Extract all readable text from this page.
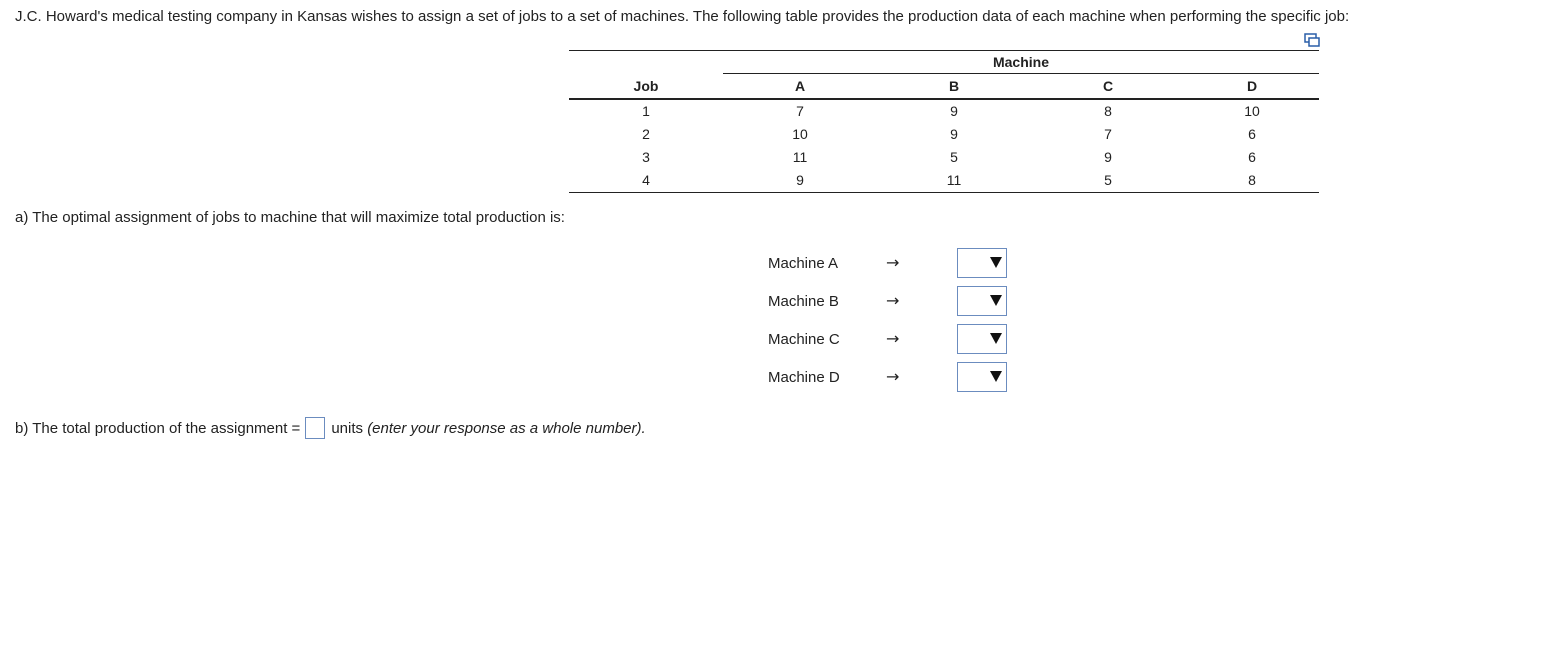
J.C. Howard's medical testing company in Kansas wishes to assign a set of jobs to a set of machines. The following table provides the production data of each machine when performing the specific job:
Machine
Job	A	B	C	D
1	7	9	8	10
2	10	9	7	6
3	11	5	9	6
4	9	11	5	8
a) The optimal assignment of jobs to machine that will maximize total production is:
Machine A	→
Machine B	→
Machine C	→
Machine D	→
b) The total production of the assignment = units
(enter your response as a whole number).
